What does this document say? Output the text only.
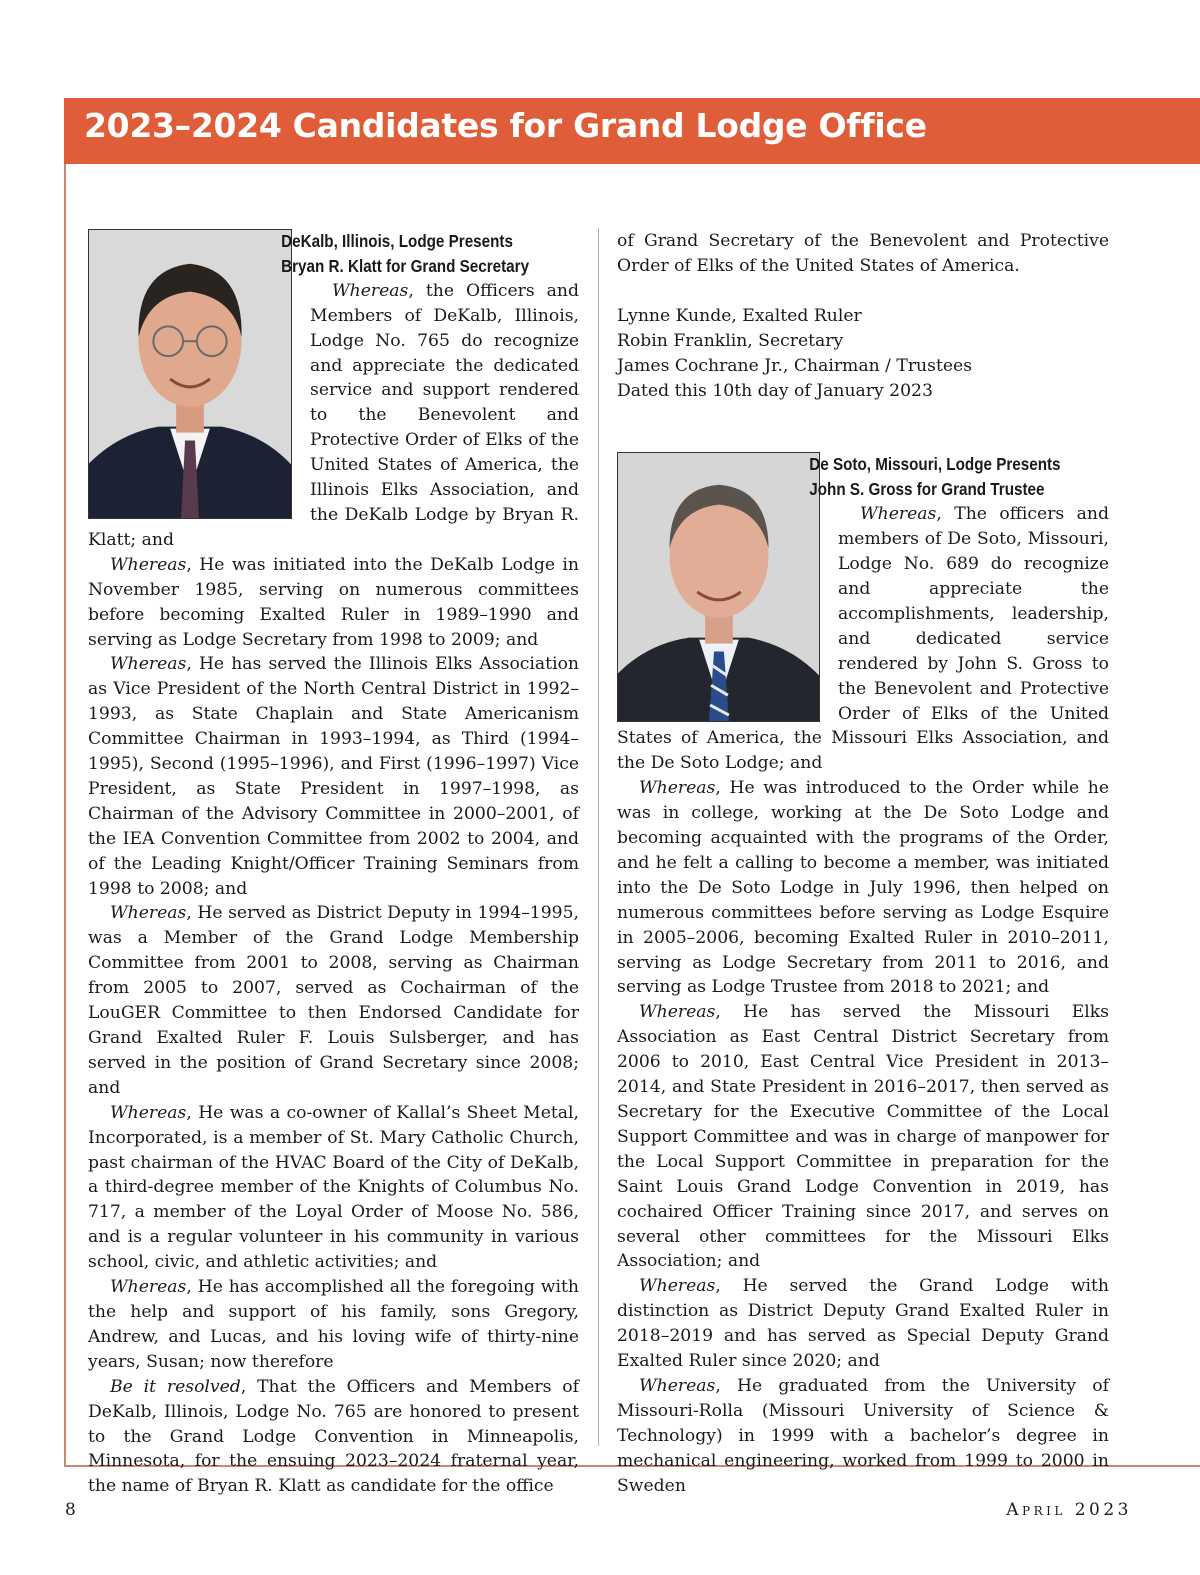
2023–2024 Candidates for Grand Lodge Office
DeKalb, Illinois, Lodge Presents
Bryan R. Klatt for Grand Secretary

Whereas, the Officers and Members of DeKalb, Illinois, Lodge No. 765 do recognize and appreciate the dedicated service and support rendered to the Benevolent and Protective Order of Elks of the United States of America, the Illinois Elks Association, and the DeKalb Lodge by Bryan R. Klatt; and

Whereas, He was initiated into the DeKalb Lodge in November 1985, serving on numerous committees before becoming Exalted Ruler in 1989–1990 and serving as Lodge Secretary from 1998 to 2009; and

Whereas, He has served the Illinois Elks Association as Vice President of the North Central District in 1992–1993, as State Chaplain and State Americanism Committee Chairman in 1993–1994, as Third (1994–1995), Second (1995–1996), and First (1996–1997) Vice President, as State President in 1997–1998, as Chairman of the Advisory Committee in 2000–2001, of the IEA Convention Committee from 2002 to 2004, and of the Leading Knight/Officer Training Seminars from 1998 to 2008; and

Whereas, He served as District Deputy in 1994–1995, was a Member of the Grand Lodge Membership Committee from 2001 to 2008, serving as Chairman from 2005 to 2007, served as Cochairman of the LouGER Committee to then Endorsed Candidate for Grand Exalted Ruler F. Louis Sulsberger, and has served in the position of Grand Secretary since 2008; and

Whereas, He was a co-owner of Kallal’s Sheet Metal, Incorporated, is a member of St. Mary Catholic Church, past chairman of the HVAC Board of the City of DeKalb, a third-degree member of the Knights of Columbus No. 717, a member of the Loyal Order of Moose No. 586, and is a regular volunteer in his community in various school, civic, and athletic activities; and

Whereas, He has accomplished all the foregoing with the help and support of his family, sons Gregory, Andrew, and Lucas, and his loving wife of thirty-nine years, Susan; now therefore

Be it resolved, That the Officers and Members of DeKalb, Illinois, Lodge No. 765 are honored to present to the Grand Lodge Convention in Minneapolis, Minnesota, for the ensuing 2023–2024 fraternal year, the name of Bryan R. Klatt as candidate for the office

of Grand Secretary of the Benevolent and Protective Order of Elks of the United States of America.

Lynne Kunde, Exalted Ruler
Robin Franklin, Secretary
James Cochrane Jr., Chairman / Trustees
Dated this 10th day of January 2023

De Soto, Missouri, Lodge Presents
John S. Gross for Grand Trustee

Whereas, The officers and members of De Soto, Missouri, Lodge No. 689 do recognize and appreciate the accomplishments, leadership, and dedicated service rendered by John S. Gross to the Benevolent and Protective Order of Elks of the United States of America, the Missouri Elks Association, and the De Soto Lodge; and

Whereas, He was introduced to the Order while he was in college, working at the De Soto Lodge and becoming acquainted with the programs of the Order, and he felt a calling to become a member, was initiated into the De Soto Lodge in July 1996, then helped on numerous committees before serving as Lodge Esquire in 2005–2006, becoming Exalted Ruler in 2010–2011, serving as Lodge Secretary from 2011 to 2016, and serving as Lodge Trustee from 2018 to 2021; and

Whereas, He has served the Missouri Elks Association as East Central District Secretary from 2006 to 2010, East Central Vice President in 2013–2014, and State President in 2016–2017, then served as Secretary for the Executive Committee of the Local Support Committee and was in charge of manpower for the Local Support Committee in preparation for the Saint Louis Grand Lodge Convention in 2019, has cochaired Officer Training since 2017, and serves on several other committees for the Missouri Elks Association; and

Whereas, He served the Grand Lodge with distinction as District Deputy Grand Exalted Ruler in 2018–2019 and has served as Special Deputy Grand Exalted Ruler since 2020; and

Whereas, He graduated from the University of Missouri-Rolla (Missouri University of Science & Technology) in 1999 with a bachelor’s degree in mechanical engineering, worked from 1999 to 2000 in Sweden

8	April 2023
